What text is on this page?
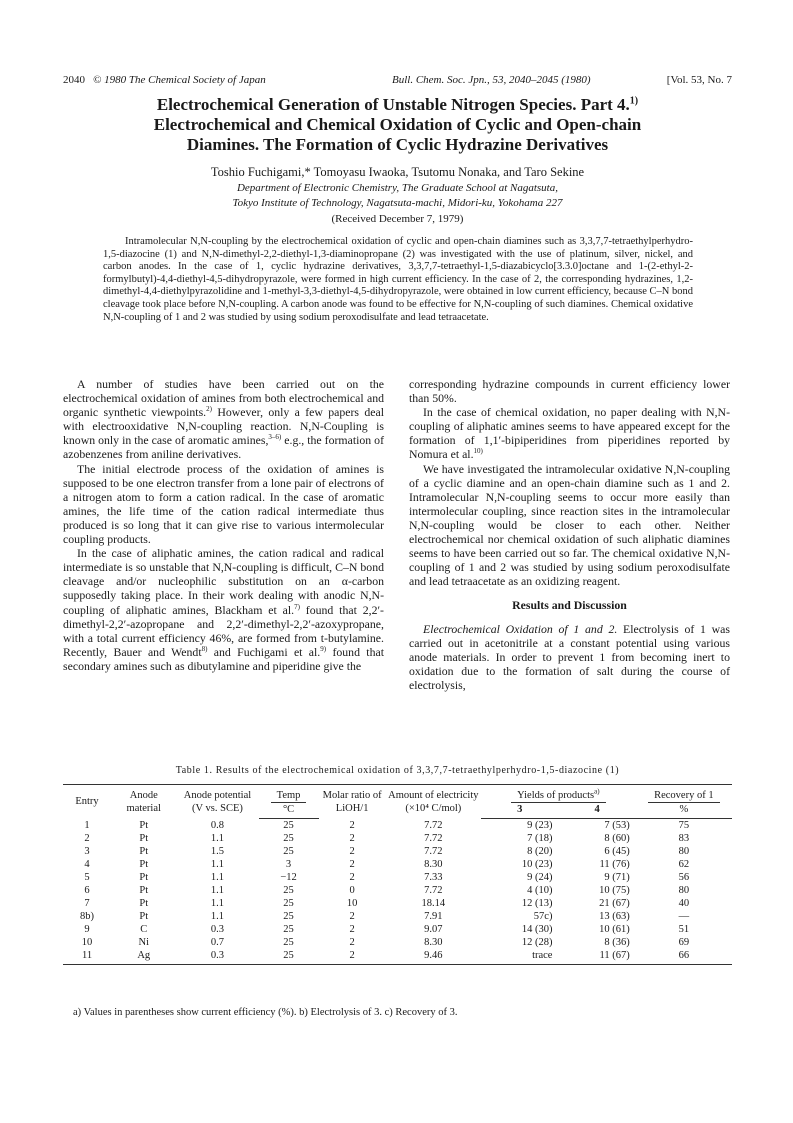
2040 © 1980 The Chemical Society of Japan	Bull. Chem. Soc. Jpn., 53, 2040–2045 (1980)	[Vol. 53, No. 7
Electrochemical Generation of Unstable Nitrogen Species. Part 4.$^{1)}$
Electrochemical and Chemical Oxidation of Cyclic and Open-chain
Diamines. The Formation of Cyclic Hydrazine Derivatives
Toshio Fuchigami,* Tomoyasu Iwaoka, Tsutomu Nonaka, and Taro Sekine
Department of Electronic Chemistry, The Graduate School at Nagatsuta,
Tokyo Institute of Technology, Nagatsuta-machi, Midori-ku, Yokohama 227
(Received December 7, 1979)
Intramolecular N,N-coupling by the electrochemical oxidation of cyclic and open-chain diamines such as 3,3,7,7-tetraethylperhydro-1,5-diazocine (1) and N,N-dimethyl-2,2-diethyl-1,3-diaminopropane (2) was investigated with the use of platinum, silver, nickel, and carbon anodes. In the case of 1, cyclic hydrazine derivatives, 3,3,7,7-tetraethyl-1,5-diazabicyclo[3.3.0]octane and 1-(2-ethyl-2-formylbutyl)-4,4-diethyl-4,5-dihydropyrazole, were formed in high current efficiency. In the case of 2, the corresponding hydrazines, 1,2-dimethyl-4,4-diethylpyrazolidine and 1-methyl-3,3-diethyl-4,5-dihydropyrazole, were obtained in low current efficiency, because C–N bond cleavage took place before N,N-coupling. A carbon anode was found to be effective for N,N-coupling of such diamines. Chemical oxidative N,N-coupling of 1 and 2 was studied by using sodium peroxodisulfate and lead tetraacetate.

A number of studies have been carried out on the electrochemical oxidation of amines from both electrochemical and organic synthetic viewpoints.$^{2)}$ However, only a few papers deal with electrooxidative N,N-coupling reaction. N,N-Coupling is known only in the case of aromatic amines,$^{3-6)}$ e.g., the formation of azobenzenes from aniline derivatives.

The initial electrode process of the oxidation of amines is supposed to be one electron transfer from a lone pair of electrons of a nitrogen atom to form a cation radical. In the case of aromatic amines, the life time of the cation radical intermediate thus produced is so long that it can give rise to various intermolecular coupling products.

In the case of aliphatic amines, the cation radical and radical intermediate is so unstable that N,N-coupling is difficult, C–N bond cleavage and/or nucleophilic substitution on an α-carbon supposedly taking place. In their work dealing with anodic N,N-coupling of aliphatic amines, Blackham et al.$^{7)}$ found that 2,2′-dimethyl-2,2′-azopropane and 2,2′-dimethyl-2,2′-azoxypropane, with a total current efficiency 46%, are formed from t-butylamine. Recently, Bauer and Wendt$^{8)}$ and Fuchigami et al.$^{9)}$ found that secondary amines such as dibutylamine and piperidine give the

corresponding hydrazine compounds in current efficiency lower than 50%.

In the case of chemical oxidation, no paper dealing with N,N-coupling of aliphatic amines seems to have appeared except for the formation of 1,1′-bipiperidines from piperidines reported by Nomura et al.$^{10)}$

We have investigated the intramolecular oxidative N,N-coupling of a cyclic diamine and an open-chain diamine such as 1 and 2. Intramolecular N,N-coupling seems to occur more easily than intermolecular coupling, since reaction sites in the intramolecular N,N-coupling would be closer to each other. Neither electrochemical nor chemical oxidation of such aliphatic diamines seems to have been carried out so far. The chemical oxidative N,N-coupling of 1 and 2 was studied by using sodium peroxodisulfate and lead tetraacetate as an oxidizing reagent.

Results and Discussion

Electrochemical Oxidation of 1 and 2. Electrolysis of 1 was carried out in acetonitrile at a constant potential using various anode materials. In order to prevent 1 from becoming inert to oxidation due to the formation of salt during the course of electrolysis,

Table 1. Results of the electrochemical oxidation of 3,3,7,7-tetraethylperhydro-1,5-diazocine (1)
Entry	Anode material	Anode potential (V vs. SCE)	Temp	Molar ratio of LiOH/1	Amount of electricity (×10⁴ C/mol)	Yields of products$^{a)}$		Recovery of 1
			°C			3	4	%
1	Pt	0.8	25	2	7.72	9 (23)	7 (53)	75
2	Pt	1.1	25	2	7.72	7 (18)	8 (60)	83
3	Pt	1.5	25	2	7.72	8 (20)	6 (45)	80
4	Pt	1.1	3	2	8.30	10 (23)	11 (76)	62
5	Pt	1.1	−12	2	7.33	9 (24)	9 (71)	56
6	Pt	1.1	25	0	7.72	4 (10)	10 (75)	80
7	Pt	1.1	25	10	18.14	12 (13)	21 (67)	40
8b)	Pt	1.1	25	2	7.91	57c)	13 (63)	—
9	C	0.3	25	2	9.07	14 (30)	10 (61)	51
10	Ni	0.7	25	2	8.30	12 (28)	8 (36)	69
11	Ag	0.3	25	2	9.46	trace	11 (67)	66
a) Values in parentheses show current efficiency (%). b) Electrolysis of 3. c) Recovery of 3.
